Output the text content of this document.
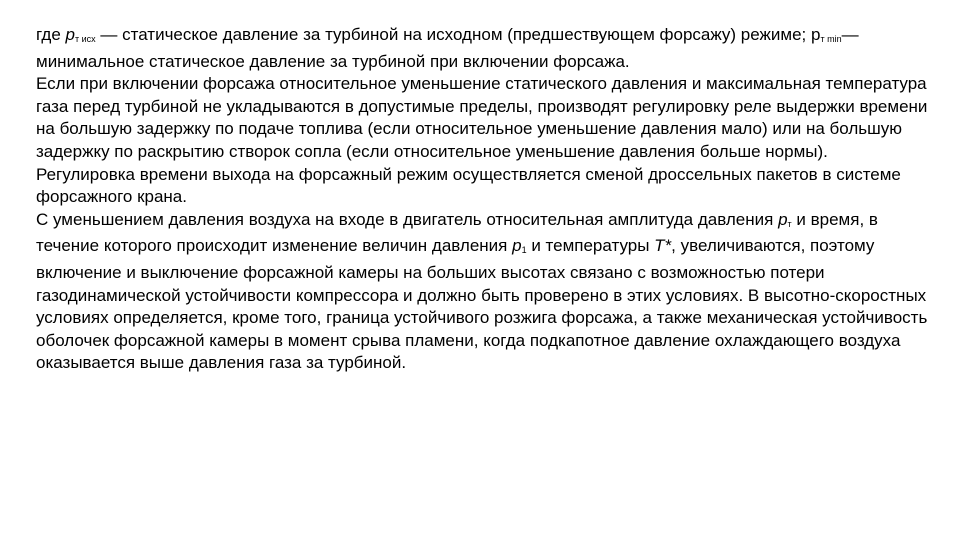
где $p_{т исх}$ — статическое давление за турбиной на исходном (предшествующем форсажу) режиме; $p_{т min}—$ минимальное статическое давление за турбиной при включении форсажа.

Если при включении форсажа относительное уменьшение статического давления и максимальная температура газа перед турбиной не укладываются в допустимые пределы, производят регулировку реле выдержки времени на большую задержку по подаче топлива (если относительное уменьшение давления мало) или на большую задержку по раскрытию створок сопла (если относительное уменьшение давления больше нормы). Регулировка времени выхода на форсажный режим осуществляется сменой дроссельных пакетов в системе форсажного крана.

С уменьшением давления воздуха на входе в двигатель относительная амплитуда давления $p_т$ и время, в течение которого происходит изменение величин давления $p_1$ и температуры T*, увеличиваются, поэтому включение и выключение форсажной камеры на больших высотах связано с возможностью потери газодинамической устойчивости компрессора и должно быть проверено в этих условиях. В высотно-скоростных условиях определяется, кроме того, граница устойчивого розжига форсажа, а также механическая устойчивость оболочек форсажной камеры в момент срыва пламени, когда подкапотное давление охлаждающего воздуха оказывается выше давления газа за турбиной.
